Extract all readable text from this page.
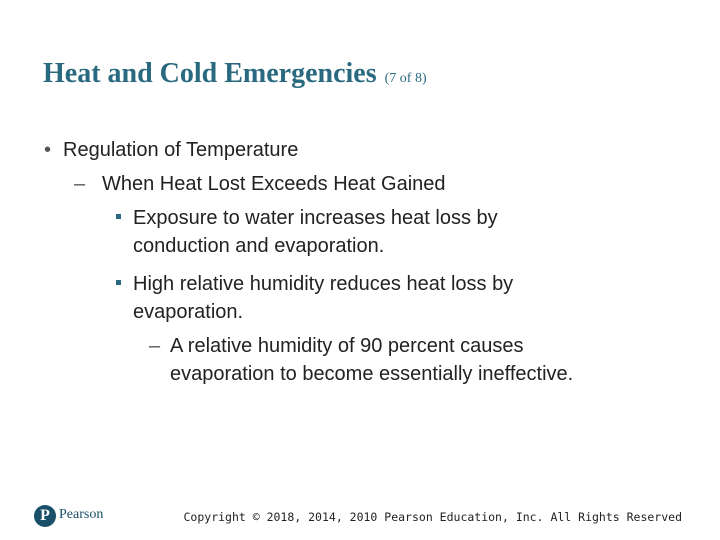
Heat and Cold Emergencies (7 of 8)
• Regulation of Temperature
– When Heat Lost Exceeds Heat Gained
Exposure to water increases heat loss by
conduction and evaporation.
High relative humidity reduces heat loss by
evaporation.
– A relative humidity of 90 percent causes
evaporation to become essentially ineffective.
P Pearson	Copyright © 2018, 2014, 2010 Pearson Education, Inc. All Rights Reserved
